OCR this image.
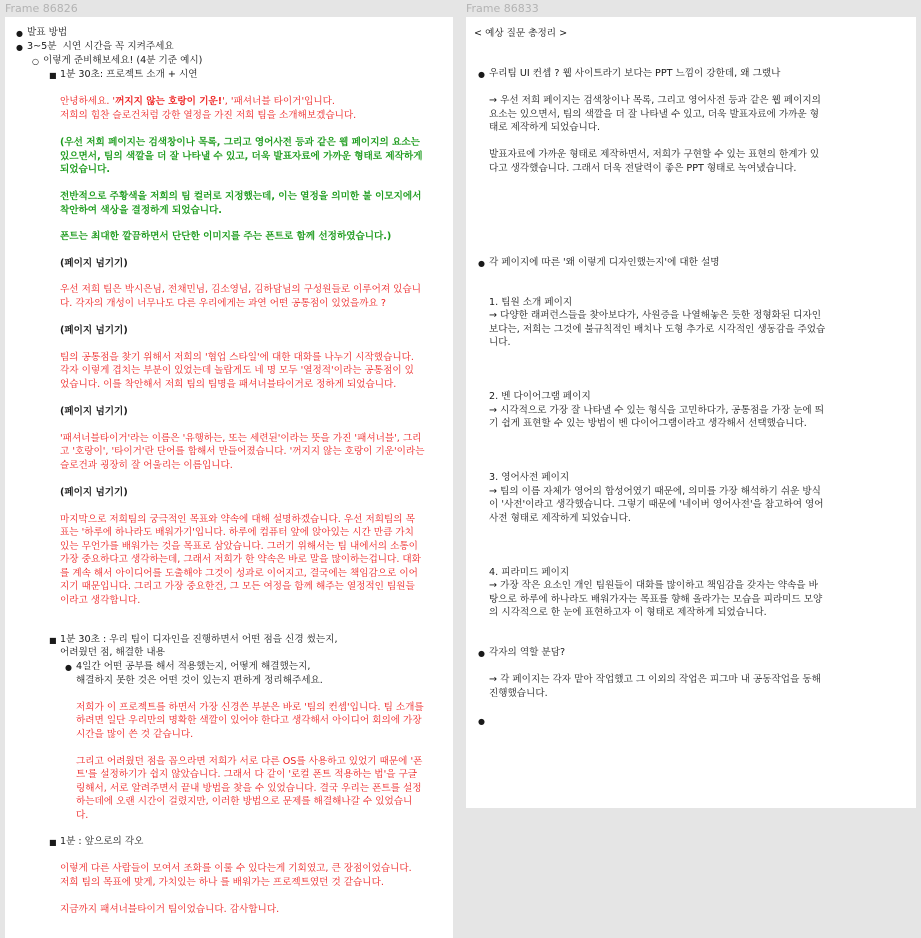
Frame 86826	Frame 86833
● 발표 방법
● 3~5분  시연 시간을 꼭 지켜주세요
○ 이렇게 준비해보세요! (4분 기준 예시)
■ 1분 30초: 프로젝트 소개 + 시연
안녕하세요. '꺼지지 않는 호랑이 기운!', '패셔너블 타이거'입니다.
저희의 힘찬 슬로건처럼 강한 열정을 가진 저희 팀을 소개해보겠습니다.
(우선 저희 페이지는 검색창이나 목록, 그리고 영어사전 등과 같은 웹 페이지의 요소는
있으면서, 팀의 색깔을 더 잘 나타낼 수 있고, 더욱 발표자료에 가까운 형태로 제작하게
되었습니다.
전반적으로 주황색을 저희의 팀 컬러로 지정했는데, 이는 열정을 의미한 불 이모지에서
착안하여 색상을 결정하게 되었습니다.
폰트는 최대한 깔끔하면서 단단한 이미지를 주는 폰트로 함께 선정하였습니다.)
(페이지 넘기기)
우선 저희 팀은 박시은님, 전채민님, 김소영님, 김하담님의 구성원들로 이루어져 있습니
다. 각자의 개성이 너무나도 다른 우리에게는 과연 어떤 공통점이 있었을까요 ?
(페이지 넘기기)
팀의 공통점을 찾기 위해서 저희의 '협업 스타일'에 대한 대화를 나누기 시작했습니다.
각자 이렇게 겹치는 부분이 있었는데 놀랍게도 네 명 모두 '열정적'이라는 공통점이 있
었습니다. 이를 착안해서 저희 팀의 팀명을 패셔너블타이거로 정하게 되었습니다.
(페이지 넘기기)
'패셔너블타이거'라는 이름은 '유행하는, 또는 세련된'이라는 뜻을 가진 '패셔너블', 그리
고 '호랑이', '타이거'란 단어를 합해서 만들어졌습니다. '꺼지지 않는 호랑이 기운'이라는
슬로건과 굉장히 잘 어울리는 이름입니다.
(페이지 넘기기)
마지막으로 저희팀의 궁극적인 목표와 약속에 대해 설명하겠습니다. 우선 저희팀의 목
표는 '하루에 하나라도 배워가기'입니다. 하루에 컴퓨터 앞에 앉아있는 시간 만큼 가치
있는 무언가를 배워가는 것을 목표로 삼았습니다. 그러기 위해서는 팀 내에서의 소통이
가장 중요하다고 생각하는데, 그래서 저희가 한 약속은 바로 말을 많이하는겁니다. 대화
를 계속 해서 아이디어를 도출해야 그것이 성과로 이어지고, 결국에는 책임감으로 이어
지기 때문입니다. 그리고 가장 중요한건, 그 모든 여정을 함께 해주는 열정적인 팀원들
이라고 생각합니다.
■ 1분 30초 : 우리 팀이 디자인을 진행하면서 어떤 점을 신경 썼는지,
어려웠던 점, 해결한 내용
● 4일간 어떤 공부를 해서 적용했는지, 어떻게 해결했는지,
해결하지 못한 것은 어떤 것이 있는지 편하게 정리해주세요.
저희가 이 프로젝트를 하면서 가장 신경쓴 부분은 바로 '팀의 컨셉'입니다. 팀 소개를
하려면 일단 우리만의 명확한 색깔이 있어야 한다고 생각해서 아이디어 회의에 가장
시간을 많이 쓴 것 같습니다.
그리고 어려웠던 점을 꼽으라면 저희가 서로 다른 OS를 사용하고 있었기 때문에 '폰
트'를 설정하기가 쉽지 않았습니다. 그래서 다 같이 '로컬 폰트 적용하는 법'을 구글
링해서, 서로 알려주면서 끝내 방법을 찾을 수 있었습니다. 결국 우리는 폰트를 설정
하는데에 오랜 시간이 걸렸지만, 이러한 방법으로 문제를 해결해나갈 수 있었습니
다.
■ 1분 : 앞으로의 각오
이렇게 다른 사람들이 모여서 조화를 이룰 수 있다는게 기회였고, 큰 장점이었습니다.
저희 팀의 목표에 맞게, 가치있는 하나 를 배워가는 프로젝트였던 것 같습니다.
지금까지 패셔너블타이거 팀이었습니다. 감사합니다.
< 예상 질문 총정리 >
● 우리팀 UI 컨셉 ? 웹 사이트라기 보다는 PPT 느낌이 강한데, 왜 그랬나
→ 우선 저희 페이지는 검색창이나 목록, 그리고 영어사전 등과 같은 웹 페이지의
요소는 있으면서, 팀의 색깔을 더 잘 나타낼 수 있고, 더욱 발표자료에 가까운 형
태로 제작하게 되었습니다.
발표자료에 가까운 형태로 제작하면서, 저희가 구현할 수 있는 표현의 한계가 있
다고 생각했습니다. 그래서 더욱 전달력이 좋은 PPT 형태로 녹여냈습니다.
● 각 페이지에 따른 '왜 이렇게 디자인했는지'에 대한 설명
1. 팀원 소개 페이지
→ 다양한 래퍼런스들을 찾아보다가, 사원증을 나열해놓은 듯한 정형화된 디자인
보다는, 저희는 그것에 불규칙적인 배치나 도형 추가로 시각적인 생동감을 주었습
니다.
2. 벤 다이어그램 페이지
→ 시각적으로 가장 잘 나타낼 수 있는 형식을 고민하다가, 공통점을 가장 눈에 띄
기 쉽게 표현할 수 있는 방법이 벤 다이어그램이라고 생각해서 선택했습니다.
3. 영어사전 페이지
→ 팀의 이름 자체가 영어의 합성어였기 때문에, 의미를 가장 해석하기 쉬운 방식
이 '사전'이라고 생각했습니다. 그렇기 때문에 '네이버 영어사전'을 참고하여 영어
사전 형태로 제작하게 되었습니다.
4. 피라미드 페이지
→ 가장 작은 요소인 개인 팀원들이 대화를 많이하고 책임감을 갖자는 약속을 바
탕으로 하루에 하나라도 배워가자는 목표를 향해 올라가는 모습을 피라미드 모양
의 시각적으로 한 눈에 표현하고자 이 형태로 제작하게 되었습니다.
● 각자의 역할 분담?
→ 각 페이지는 각자 맡아 작업했고 그 이외의 작업은 피그마 내 공동작업을 동해
진행했습니다.
●
